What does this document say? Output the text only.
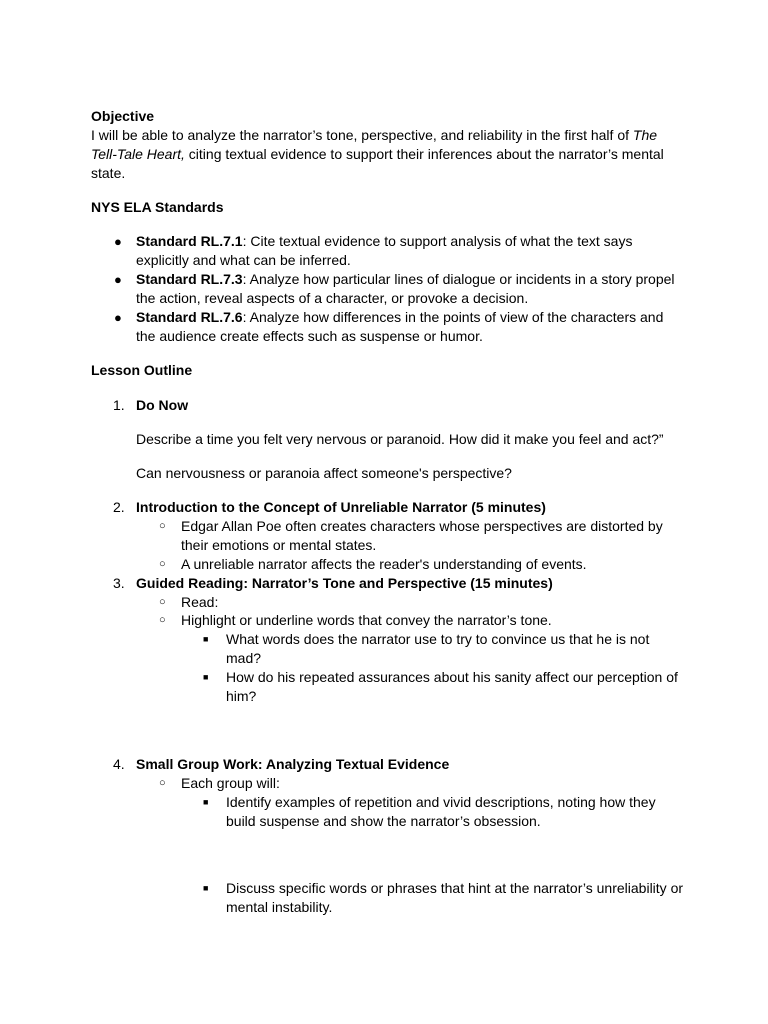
Objective
I will be able to analyze the narrator’s tone, perspective, and reliability in the first half of The
Tell-Tale Heart, citing textual evidence to support their inferences about the narrator’s mental
state.
NYS ELA Standards
● Standard RL.7.1: Cite textual evidence to support analysis of what the text says
explicitly and what can be inferred.
● Standard RL.7.3: Analyze how particular lines of dialogue or incidents in a story propel
the action, reveal aspects of a character, or provoke a decision.
● Standard RL.7.6: Analyze how differences in the points of view of the characters and
the audience create effects such as suspense or humor.
Lesson Outline
1. Do Now
Describe a time you felt very nervous or paranoid. How did it make you feel and act?”
Can nervousness or paranoia affect someone's perspective?
2. Introduction to the Concept of Unreliable Narrator (5 minutes)
○ Edgar Allan Poe often creates characters whose perspectives are distorted by
their emotions or mental states.
○ A unreliable narrator affects the reader's understanding of events.
3. Guided Reading: Narrator’s Tone and Perspective (15 minutes)
○ Read:
○ Highlight or underline words that convey the narrator’s tone.
■ What words does the narrator use to try to convince us that he is not
mad?
■ How do his repeated assurances about his sanity affect our perception of
him?
4. Small Group Work: Analyzing Textual Evidence
○ Each group will:
■ Identify examples of repetition and vivid descriptions, noting how they
build suspense and show the narrator’s obsession.
■ Discuss specific words or phrases that hint at the narrator’s unreliability or
mental instability.
